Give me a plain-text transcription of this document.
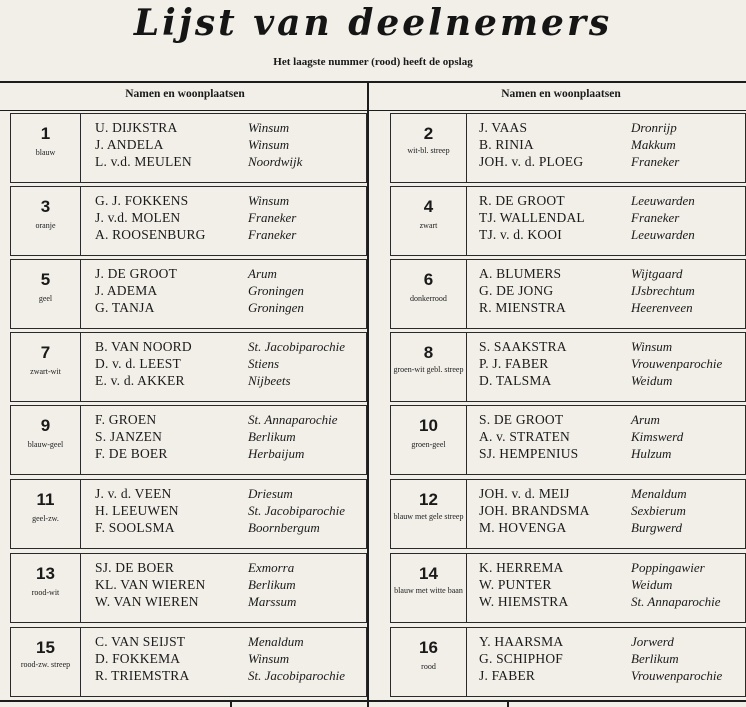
Lijst van deelnemers
Het laagste nummer (rood) heeft de opslag
Namen en woonplaatsen	Namen en woonplaatsen
1
blauw
U. DIJKSTRA	Winsum
J. ANDELA	Winsum
L. v.d. MEULEN	Noordwijk
2
wit-bl. streep
J. VAAS	Dronrijp
B. RINIA	Makkum
JOH. v. d. PLOEG	Franeker
3
oranje
G. J. FOKKENS	Winsum
J. v.d. MOLEN	Franeker
A. ROOSENBURG	Franeker
4
zwart
R. DE GROOT	Leeuwarden
TJ. WALLENDAL	Franeker
TJ. v. d. KOOI	Leeuwarden
5
geel
J. DE GROOT	Arum
J. ADEMA	Groningen
G. TANJA	Groningen
6
donkerrood
A. BLUMERS	Wijtgaard
G. DE JONG	IJsbrechtum
R. MIENSTRA	Heerenveen
7
zwart-wit
B. VAN NOORD	St. Jacobiparochie
D. v. d. LEEST	Stiens
E. v. d. AKKER	Nijbeets
8
groen-wit gebl. streep
S. SAAKSTRA	Winsum
P. J. FABER	Vrouwenparochie
D. TALSMA	Weidum
9
blauw-geel
F. GROEN	St. Annaparochie
S. JANZEN	Berlikum
F. DE BOER	Herbaijum
10
groen-geel
S. DE GROOT	Arum
A. v. STRATEN	Kimswerd
SJ. HEMPENIUS	Hulzum
11
geel-zw.
J. v. d. VEEN	Driesum
H. LEEUWEN	St. Jacobiparochie
F. SOOLSMA	Boornbergum
12
blauw met gele streep
JOH. v. d. MEIJ	Menaldum
JOH. BRANDSMA	Sexbierum
M. HOVENGA	Burgwerd
13
rood-wit
SJ. DE BOER	Exmorra
KL. VAN WIEREN	Berlikum
W. VAN WIEREN	Marssum
14
blauw met witte baan
K. HERREMA	Poppingawier
W. PUNTER	Weidum
W. HIEMSTRA	St. Annaparochie
15
rood-zw. streep
C. VAN SEIJST	Menaldum
D. FOKKEMA	Winsum
R. TRIEMSTRA	St. Jacobiparochie
16
rood
Y. HAARSMA	Jorwerd
G. SCHIPHOF	Berlikum
J. FABER	Vrouwenparochie
